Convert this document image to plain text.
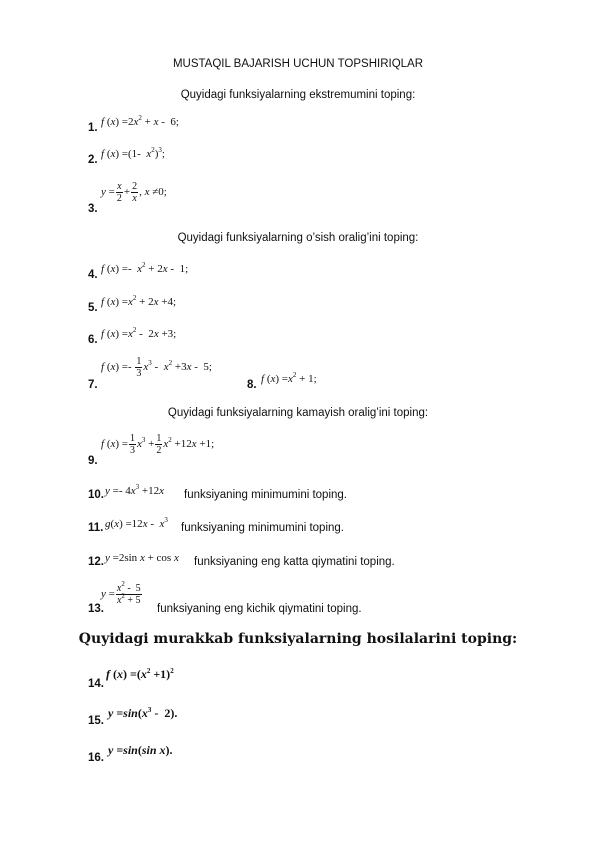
MUSTAQIL BAJARISH UCHUN TOPSHIRIQLAR
Quyidagi funksiyalarning ekstremumini toping:
1. f $(x) =2x^2 + x - 6$;
2. f (x) =(1-  $x^2)^3$;
3.
$y = \frac{x}{2} + \frac{2}{x}$ , x ≠0;
Quyidagi funksiyalarning o’sish oralig’ini toping:
4. f $(x) =- x^2 + 2x - 1$;
5. f $(x) =x^2 + 2x +4$;
6. f $(x) =x^2 - 2x +3$;
7.
f $(x) =- \frac{1}{3} x^3 - x^2 +3x - 5$;
8. f $(x) =x^2 + 1$;
Quyidagi funksiyalarning kamayish oralig’ini toping:
9.
f $(x) = \frac{1}{3} x^3 + \frac{1}{2} x^2 +12x +1$;
10. $y =- 4x^3 +12x$ funksiyaning minimumini toping.
11. $g(x) =12x - x^3$
funksiyaning minimumini toping.
12. y =2sin x + cos x funksiyaning eng katta qiymatini toping.
13.
$y = \frac{x^2 - 5}{x^2 + 5}$
funksiyaning eng kichik qiymatini toping.
Quyidagi murakkab funksiyalarning hosilalarini toping:
14.
f $(x) =(x^2 +1)^2$
15.
$y =\sin(x^3 - 2)$.
16.
y =sin(sin x).
